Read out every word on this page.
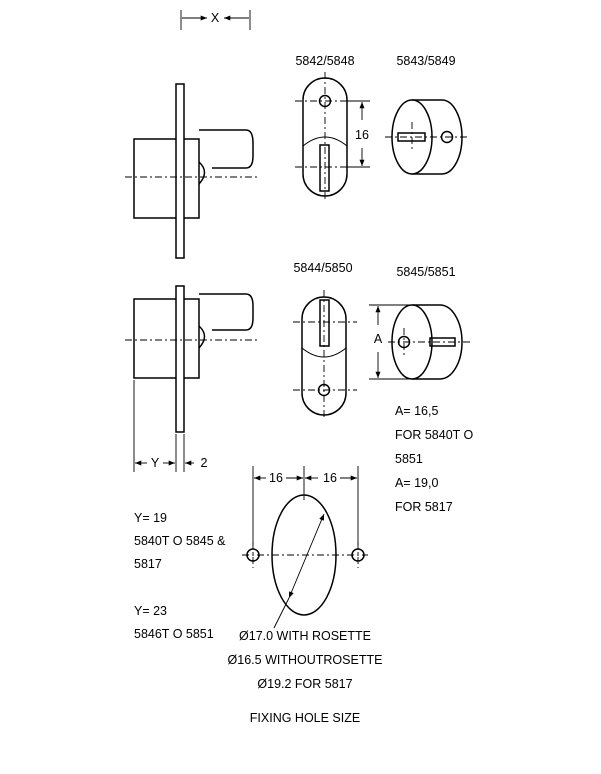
X
Y	2
5842/5848
16
5843/5849
5844/5850	5845/5851
A
A= 16,5
FOR 5840T O
5851
A= 19,0
FOR 5817
Y= 19
5840T O 5845 &
5817
Y= 23
5846T O 5851
16	16
Ø17.0 WITH ROSETTE
Ø16.5 WITHOUTROSETTE
Ø19.2 FOR 5817
FIXING HOLE SIZE
